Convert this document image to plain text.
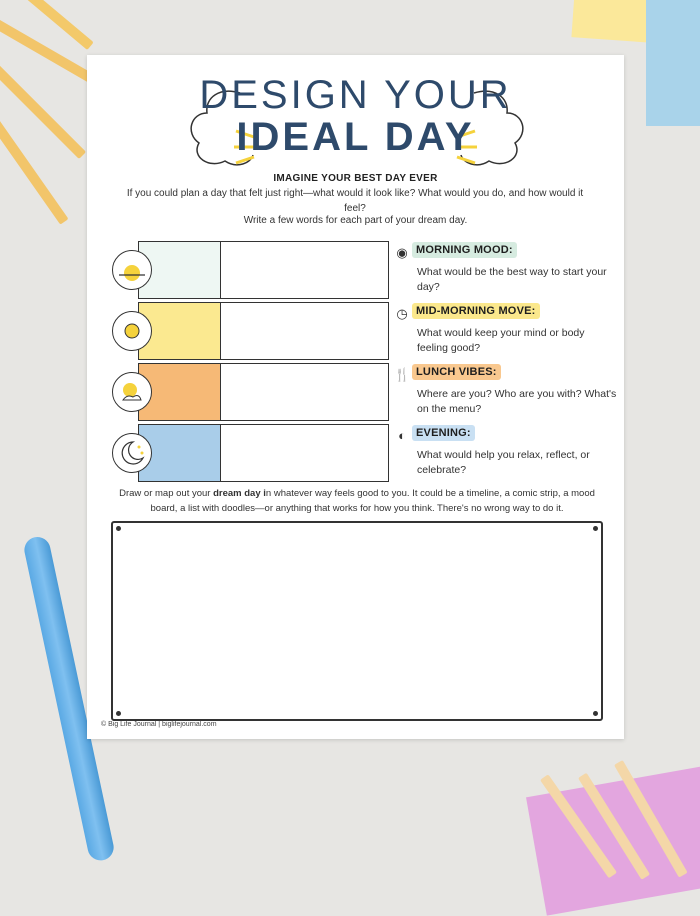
DESIGN YOUR
IDEAL DAY
IMAGINE YOUR BEST DAY EVER
If you could plan a day that felt just right—what would it look like? What would you do, and how would it feel?
Write a few words for each part of your dream day.
◉ MORNING MOOD:
What would be the best way to start your day?
◷ MID-MORNING MOVE:
What would keep your mind or body feeling good?
🍴 LUNCH VIBES:
Where are you? Who are you with? What's on the menu?
◐ EVENING:
What would help you relax, reflect, or celebrate?
Draw or map out your dream day in whatever way feels good to you. It could be a timeline, a comic strip, a mood board, a list with doodles—or anything that works for how you think. There's no wrong way to do it.
© Big Life Journal | biglifejournal.com
